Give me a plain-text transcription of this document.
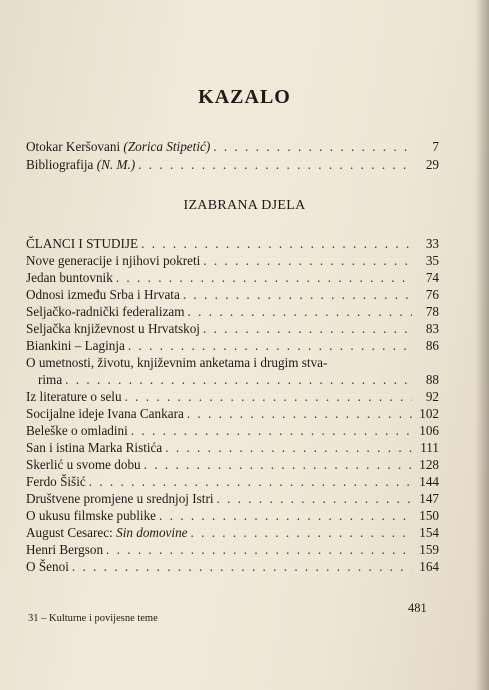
KAZALO
Otokar Keršovani (Zorica Stipetić) . . .	7
Bibliografija (N. M.) . . .	29
IZABRANA DJELA
ČLANCI I STUDIJE . . .	33
Nove generacije i njihovi pokreti . . .	35
Jedan buntovnik . . .	74
Odnosi između Srba i Hrvata . . .	76
Seljačko-radnički federalizam . . .	78
Seljačka književnost u Hrvatskoj . . .	83
Biankini – Laginja . . .	86
O umetnosti, životu, književnim anketama i drugim stva-
rima . . .	88
Iz literature o selu . . .	92
Socijalne ideje Ivana Cankara . . .	102
Beleške o omladini . . .	106
San i istina Marka Ristića . . .	111
Skerlić u svome dobu . . .	128
Ferdo Šišić . . .	144
Društvene promjene u srednjoj Istri . . .	147
O ukusu filmske publike . . .	150
August Cesarec: Sin domovine . . .	154
Henri Bergson . . .	159
O Šenoi . . .	164
481
31 – Kulturne i povijesne teme
